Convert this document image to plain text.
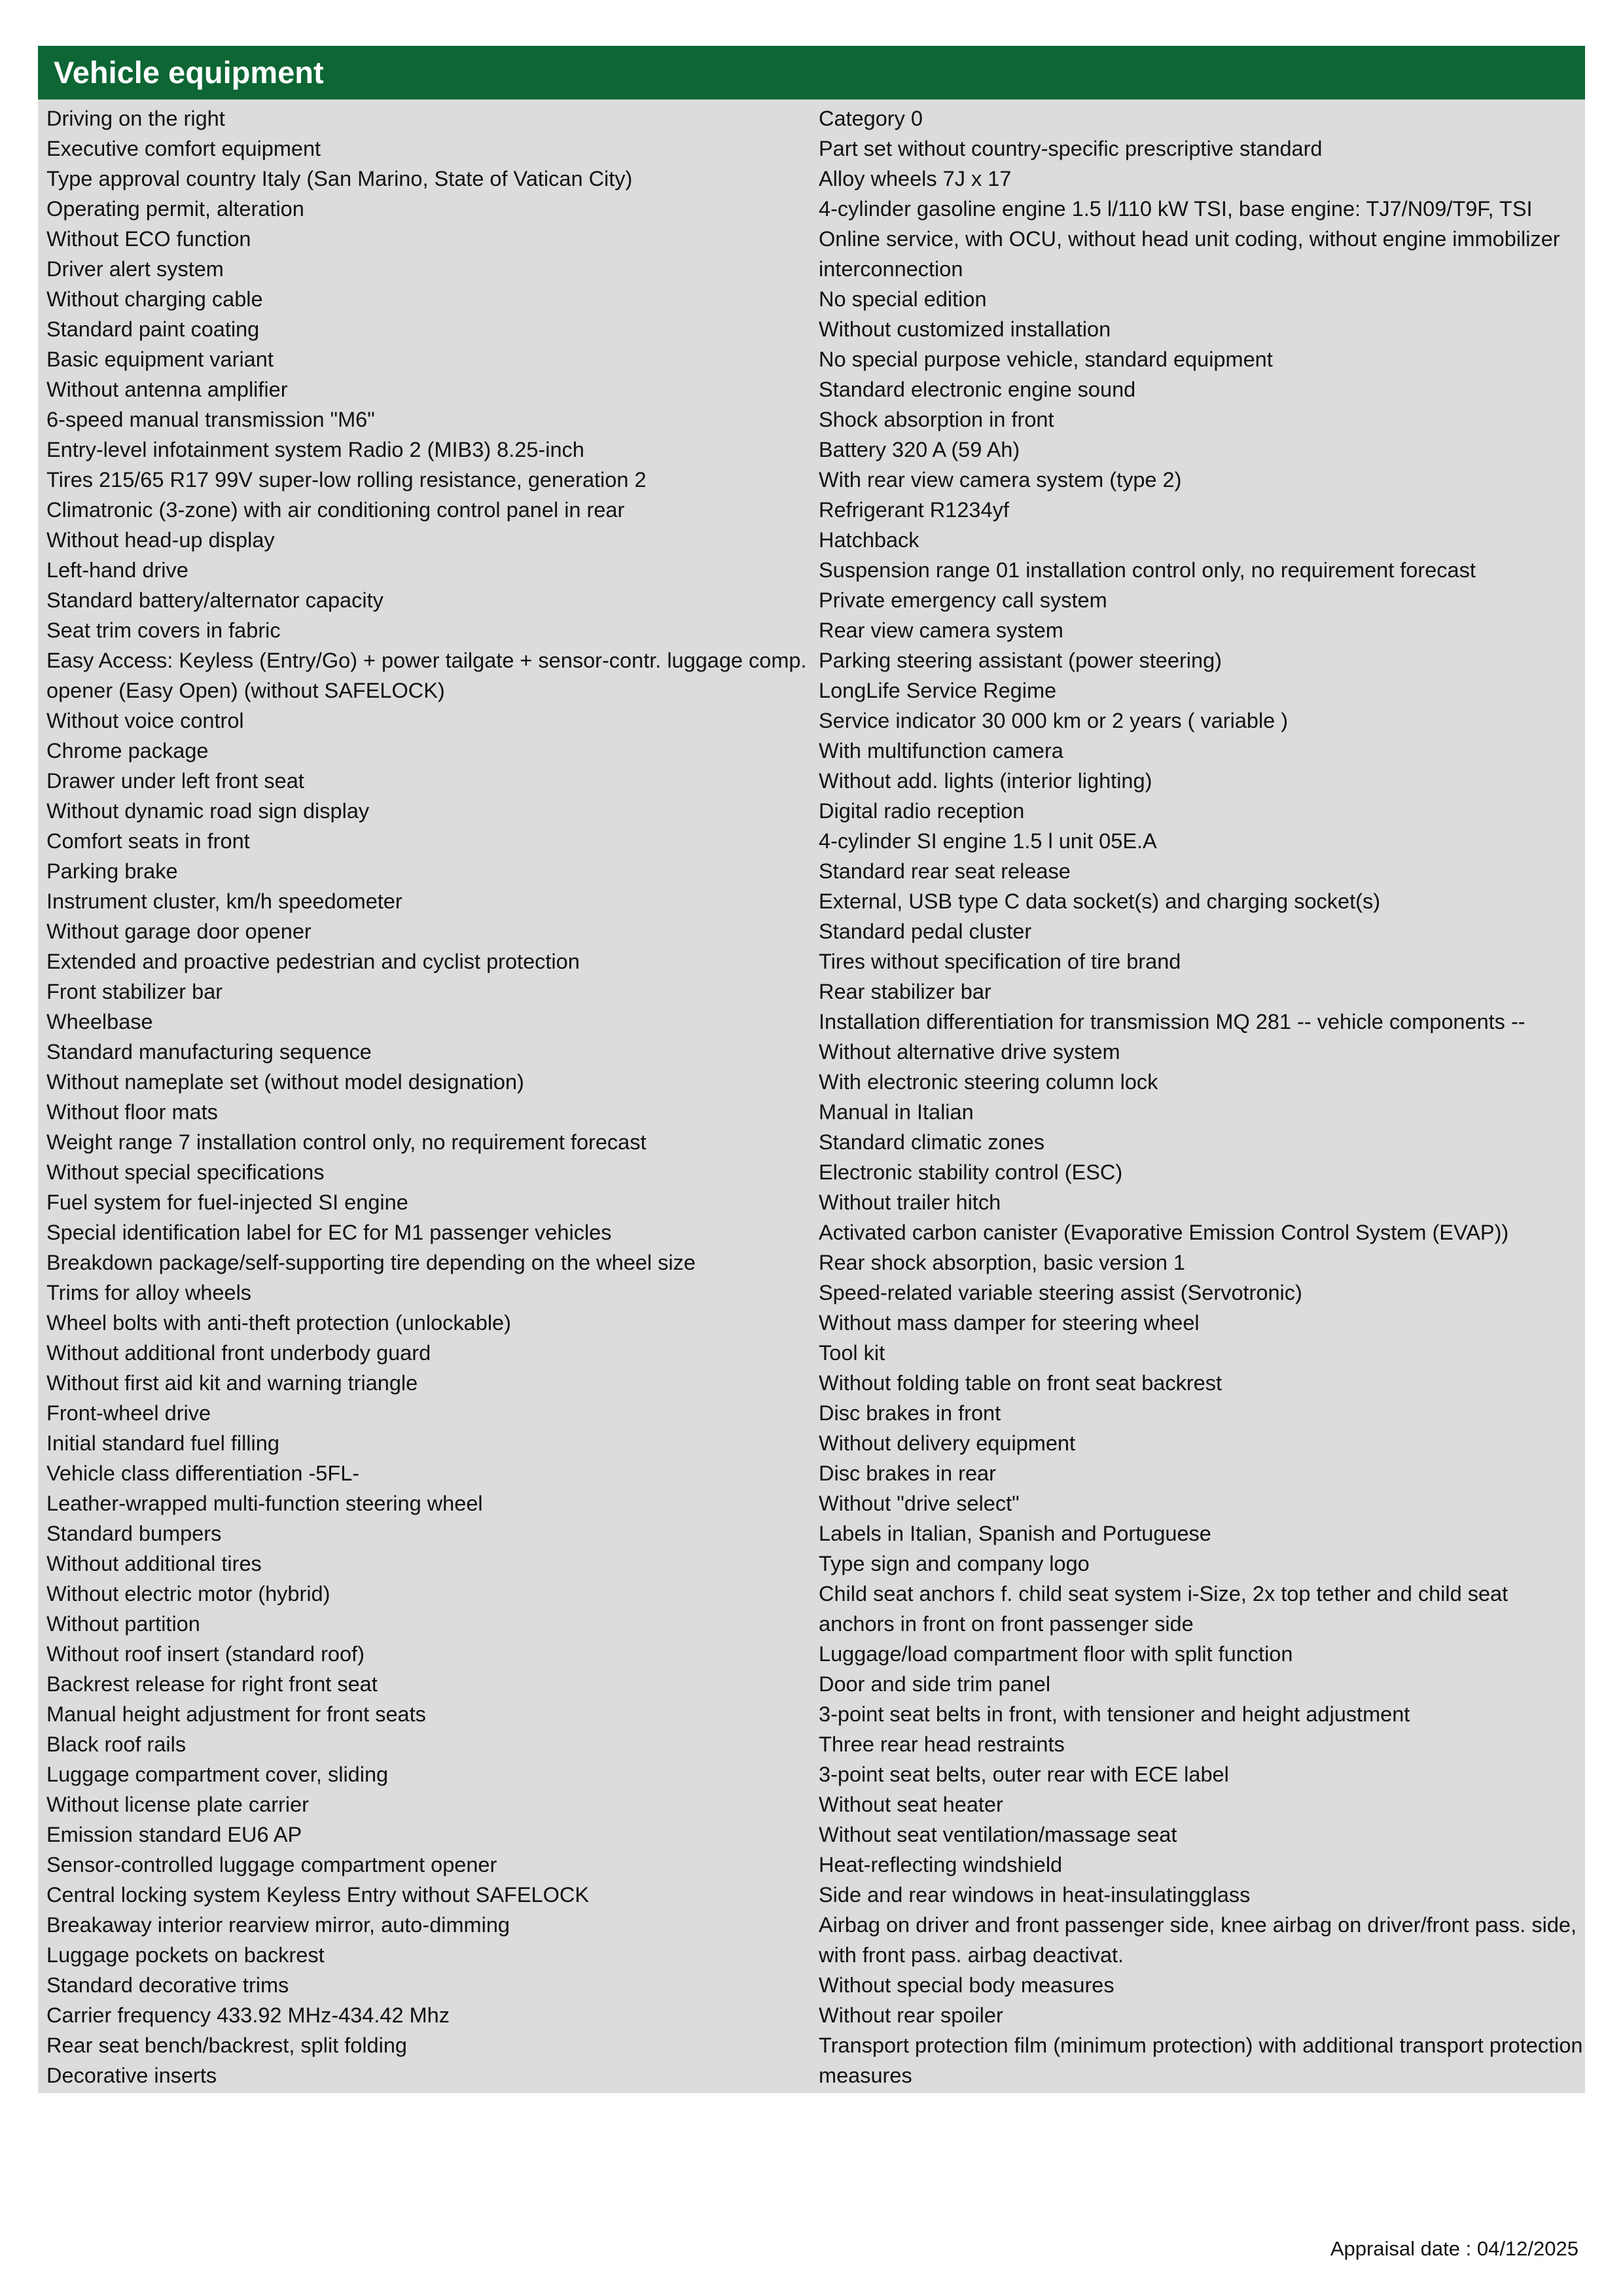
Vehicle equipment

Driving on the right

Executive comfort equipment

Type approval country Italy (San Marino, State of Vatican City)

Operating permit, alteration

Without ECO function

Driver alert system

Without charging cable

Standard paint coating

Basic equipment variant

Without antenna amplifier

6-speed manual transmission "M6"

Entry-level infotainment system Radio 2 (MIB3) 8.25-inch

Tires 215/65 R17 99V super-low rolling resistance, generation 2

Climatronic (3-zone) with air conditioning control panel in rear

Without head-up display

Left-hand drive

Standard battery/alternator capacity

Seat trim covers in fabric

Easy Access: Keyless (Entry/Go) + power tailgate + sensor-contr. luggage comp. opener (Easy Open) (without SAFELOCK)

Without voice control

Chrome package

Drawer under left front seat

Without dynamic road sign display

Comfort seats in front

Parking brake

Instrument cluster, km/h speedometer

Without garage door opener

Extended and proactive pedestrian and cyclist protection

Front stabilizer bar

Wheelbase

Standard manufacturing sequence

Without nameplate set (without model designation)

Without floor mats

Weight range 7 installation control only, no requirement forecast

Without special specifications

Fuel system for fuel-injected SI engine

Special identification label for EC for M1 passenger vehicles

Breakdown package/self-supporting tire depending on the wheel size

Trims for alloy wheels

Wheel bolts with anti-theft protection (unlockable)

Without additional front underbody guard

Without first aid kit and warning triangle

Front-wheel drive

Initial standard fuel filling

Vehicle class differentiation -5FL-

Leather-wrapped multi-function steering wheel

Standard bumpers

Without additional tires

Without electric motor (hybrid)

Without partition

Without roof insert (standard roof)

Backrest release for right front seat

Manual height adjustment for front seats

Black roof rails

Luggage compartment cover, sliding

Without license plate carrier

Emission standard EU6 AP

Sensor-controlled luggage compartment opener

Central locking system Keyless Entry without SAFELOCK

Breakaway interior rearview mirror, auto-dimming

Luggage pockets on backrest

Standard decorative trims

Carrier frequency 433.92 MHz-434.42 Mhz

Rear seat bench/backrest, split folding

Decorative inserts

Category 0

Part set without country-specific prescriptive standard

Alloy wheels 7J x 17

4-cylinder gasoline engine 1.5 l/110 kW TSI, base engine: TJ7/N09/T9F, TSI

Online service, with OCU, without head unit coding, without engine immobilizer interconnection

No special edition

Without customized installation

No special purpose vehicle, standard equipment

Standard electronic engine sound

Shock absorption in front

Battery 320 A (59 Ah)

With rear view camera system (type 2)

Refrigerant R1234yf

Hatchback

Suspension range 01 installation control only, no requirement forecast

Private emergency call system

Rear view camera system

Parking steering assistant (power steering)

LongLife Service Regime

Service indicator 30 000 km or 2 years ( variable )

With multifunction camera

Without add. lights (interior lighting)

Digital radio reception

4-cylinder SI engine 1.5 l unit 05E.A

Standard rear seat release

External, USB type C data socket(s) and charging socket(s)

Standard pedal cluster

Tires without specification of tire brand

Rear stabilizer bar

Installation differentiation for transmission MQ 281 -- vehicle components --

Without alternative drive system

With electronic steering column lock

Manual in Italian

Standard climatic zones

Electronic stability control (ESC)

Without trailer hitch

Activated carbon canister (Evaporative Emission Control System (EVAP))

Rear shock absorption, basic version 1

Speed-related variable steering assist (Servotronic)

Without mass damper for steering wheel

Tool kit

Without folding table on front seat backrest

Disc brakes in front

Without delivery equipment

Disc brakes in rear

Without "drive select"

Labels in Italian, Spanish and Portuguese

Type sign and company logo

Child seat anchors f. child seat system i-Size, 2x top tether and child seat anchors in front on front passenger side

Luggage/load compartment floor with split function

Door and side trim panel

3-point seat belts in front, with tensioner and height adjustment

Three rear head restraints

3-point seat belts, outer rear with ECE label

Without seat heater

Without seat ventilation/massage seat

Heat-reflecting windshield

Side and rear windows in heat-insulatingglass

Airbag on driver and front passenger side, knee airbag on driver/front pass. side, with front pass. airbag deactivat.

Without special body measures

Without rear spoiler

Transport protection film (minimum protection) with additional transport protection measures

Appraisal date : 04/12/2025
